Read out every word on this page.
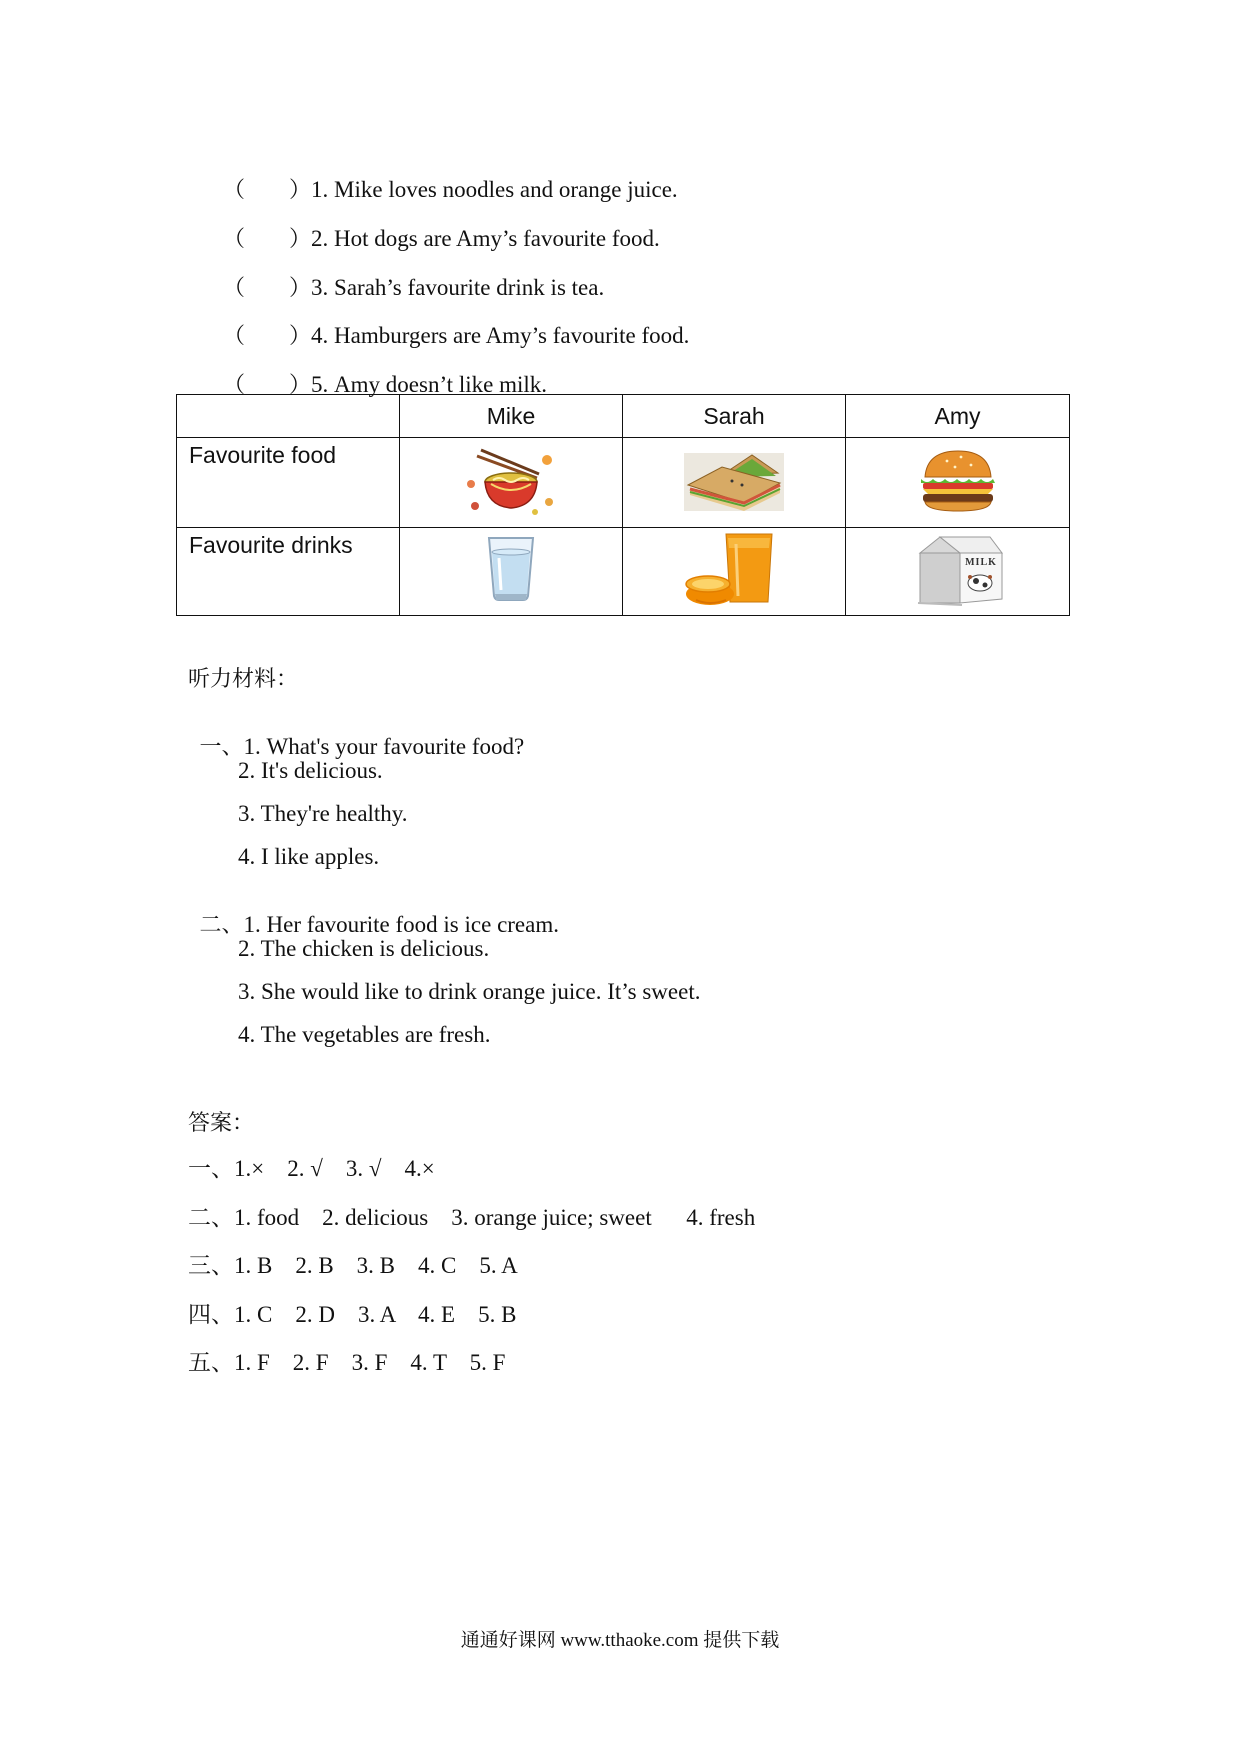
（ ）1. Mike loves noodles and orange juice.

（ ）2. Hot dogs are Amy’s favourite food.

（ ）3. Sarah’s favourite drink is tea.

（ ）4. Hamburgers are Amy’s favourite food.

（ ）5. Amy doesn’t like milk.

	Mike	Sarah	Amy
Favourite food			
Favourite drinks			MILK
听力材料：

一、1. What's your favourite food?

2. It's delicious.
3. They're healthy.
4. I like apples.

二、1. Her favourite food is ice cream.

2. The chicken is delicious.
3. She would like to drink orange juice. It’s sweet.
4. The vegetables are fresh.
答案：
一、1.×    2. √    3. √    4.×
二、1. food    2. delicious    3. orange juice; sweet      4. fresh
三、1. B    2. B    3. B    4. C    5. A
四、1. C    2. D    3. A    4. E    5. B
五、1. F    2. F    3. F    4. T    5. F
通通好课网 www.tthaoke.com 提供下载
